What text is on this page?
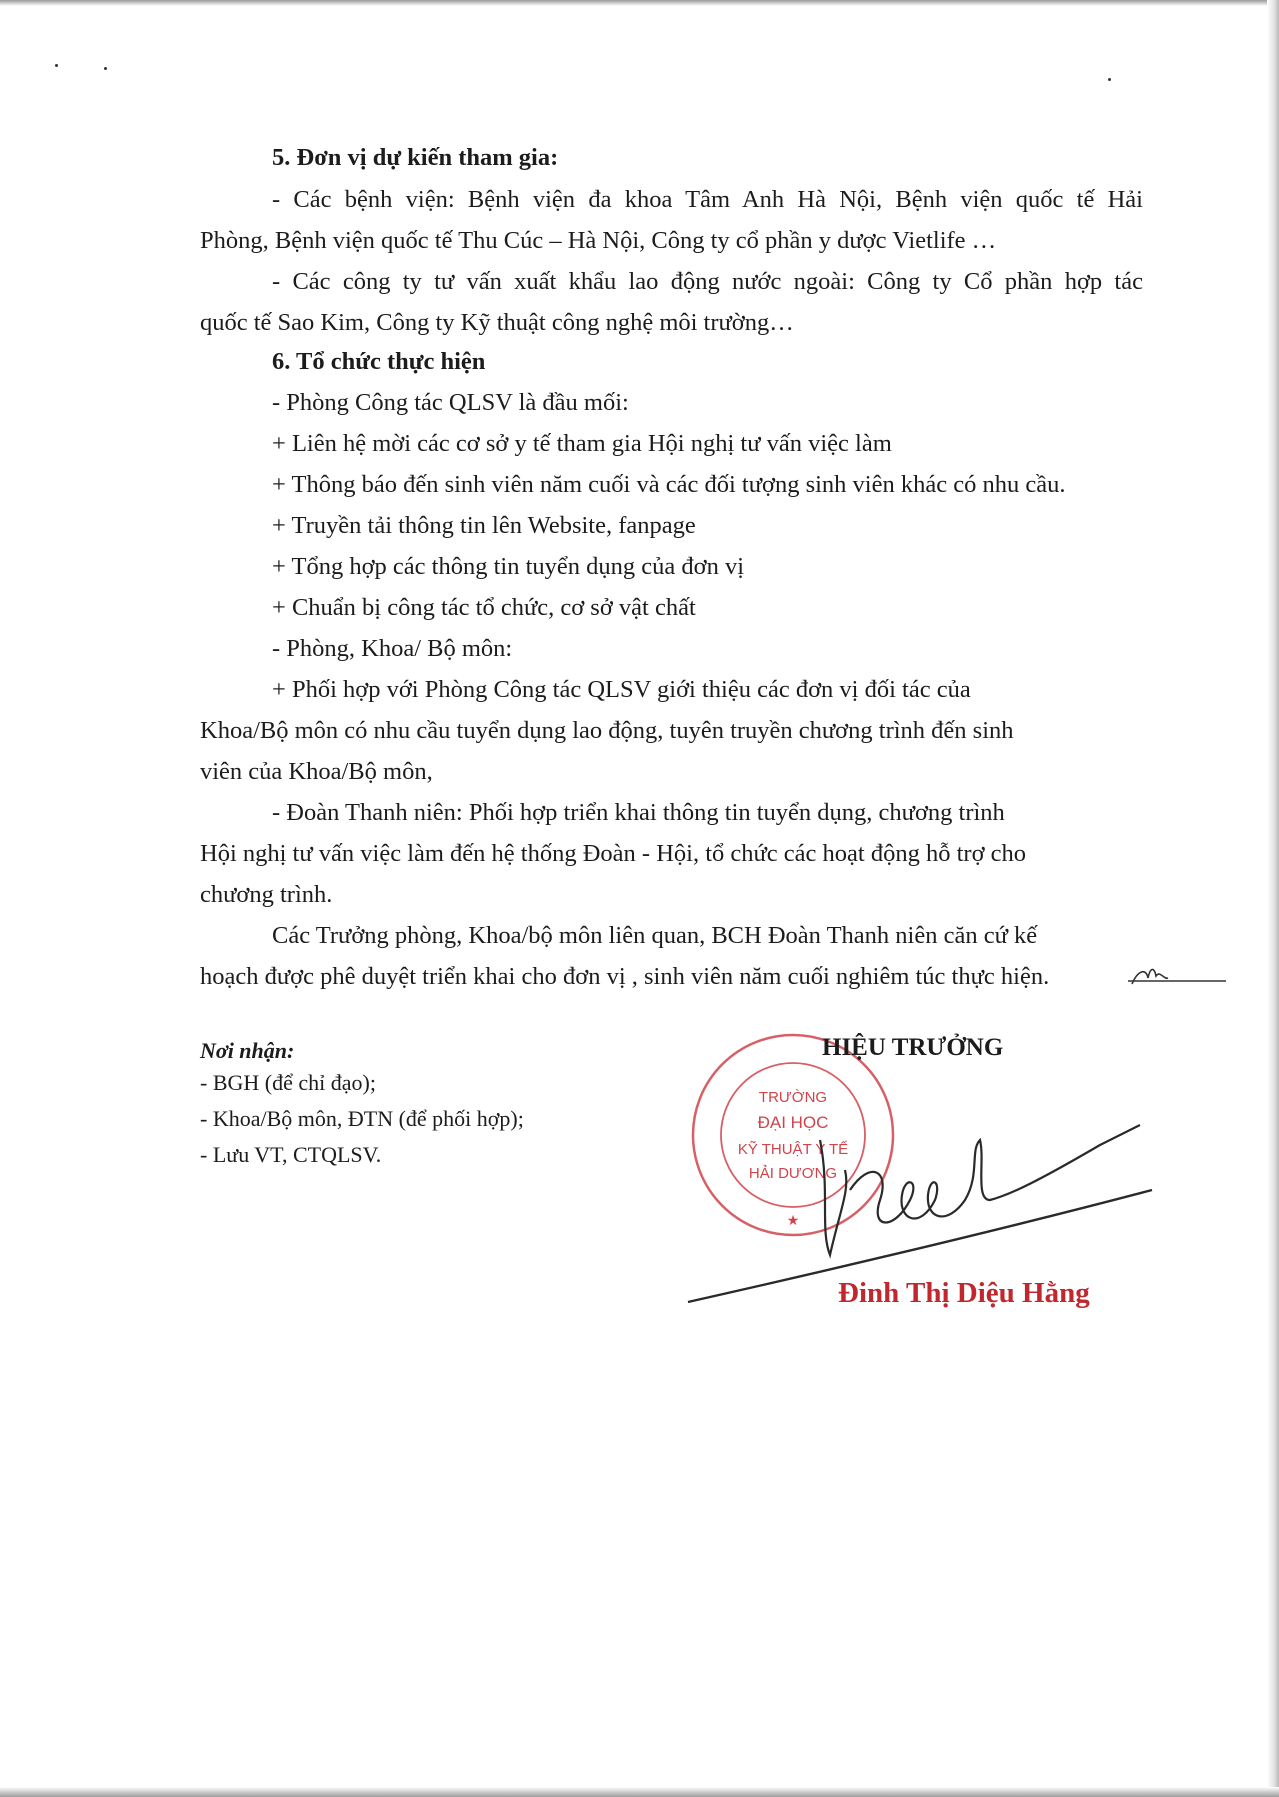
5. Đơn vị dự kiến tham gia:
- Các bệnh viện: Bệnh viện đa khoa Tâm Anh Hà Nội, Bệnh viện quốc tế Hải
Phòng, Bệnh viện quốc tế Thu Cúc – Hà Nội, Công ty cổ phần y dược Vietlife …
- Các công ty tư vấn xuất khẩu lao động nước ngoài: Công ty Cổ phần hợp tác
quốc tế Sao Kim, Công ty Kỹ thuật công nghệ môi trường…
6. Tổ chức thực hiện
- Phòng Công tác QLSV là đầu mối:
+ Liên hệ mời các cơ sở y tế tham gia Hội nghị tư vấn việc làm
+ Thông báo đến sinh viên năm cuối và các đối tượng sinh viên khác có nhu cầu.
+ Truyền tải thông tin lên Website, fanpage
+ Tổng hợp các thông tin tuyển dụng của đơn vị
+ Chuẩn bị công tác tổ chức, cơ sở vật chất
- Phòng, Khoa/ Bộ môn:
+ Phối hợp với Phòng Công tác QLSV giới thiệu các đơn vị đối tác của
Khoa/Bộ môn có nhu cầu tuyển dụng lao động, tuyên truyền chương trình đến sinh
viên của Khoa/Bộ môn,
- Đoàn Thanh niên: Phối hợp triển khai thông tin tuyển dụng, chương trình
Hội nghị tư vấn việc làm đến hệ thống Đoàn - Hội, tổ chức các hoạt động hỗ trợ cho
chương trình.
Các Trưởng phòng, Khoa/bộ môn liên quan, BCH Đoàn Thanh niên căn cứ kế
hoạch được phê duyệt triển khai cho đơn vị , sinh viên năm cuối nghiêm túc thực hiện.
Nơi nhận:
- BGH (để chỉ đạo);
- Khoa/Bộ môn, ĐTN (để phối hợp);
- Lưu VT, CTQLSV.
TRƯỜNG
ĐẠI HỌC
KỸ THUẬT Y TẾ
HẢI DƯƠNG
★
HIỆU TRƯỞNG
Đinh Thị Diệu Hằng
